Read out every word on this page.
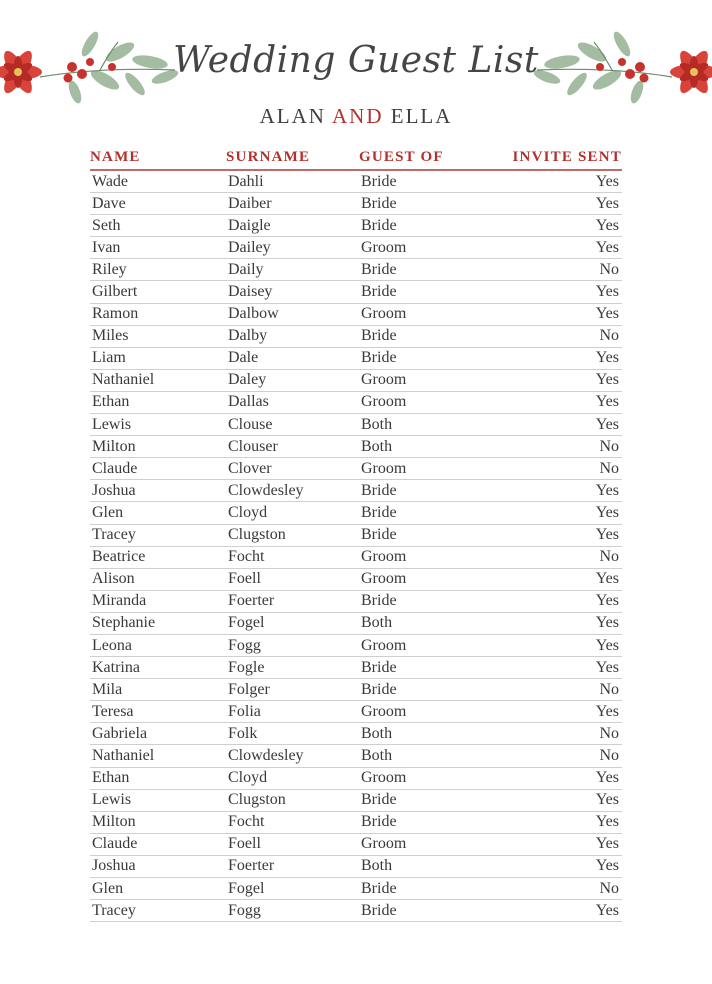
Wedding Guest List
ALAN AND ELLA
NAME	SURNAME	GUEST OF	INVITE SENT
Wade	Dahli	Bride	Yes
Dave	Daiber	Bride	Yes
Seth	Daigle	Bride	Yes
Ivan	Dailey	Groom	Yes
Riley	Daily	Bride	No
Gilbert	Daisey	Bride	Yes
Ramon	Dalbow	Groom	Yes
Miles	Dalby	Bride	No
Liam	Dale	Bride	Yes
Nathaniel	Daley	Groom	Yes
Ethan	Dallas	Groom	Yes
Lewis	Clouse	Both	Yes
Milton	Clouser	Both	No
Claude	Clover	Groom	No
Joshua	Clowdesley	Bride	Yes
Glen	Cloyd	Bride	Yes
Tracey	Clugston	Bride	Yes
Beatrice	Focht	Groom	No
Alison	Foell	Groom	Yes
Miranda	Foerter	Bride	Yes
Stephanie	Fogel	Both	Yes
Leona	Fogg	Groom	Yes
Katrina	Fogle	Bride	Yes
Mila	Folger	Bride	No
Teresa	Folia	Groom	Yes
Gabriela	Folk	Both	No
Nathaniel	Clowdesley	Both	No
Ethan	Cloyd	Groom	Yes
Lewis	Clugston	Bride	Yes
Milton	Focht	Bride	Yes
Claude	Foell	Groom	Yes
Joshua	Foerter	Both	Yes
Glen	Fogel	Bride	No
Tracey	Fogg	Bride	Yes
